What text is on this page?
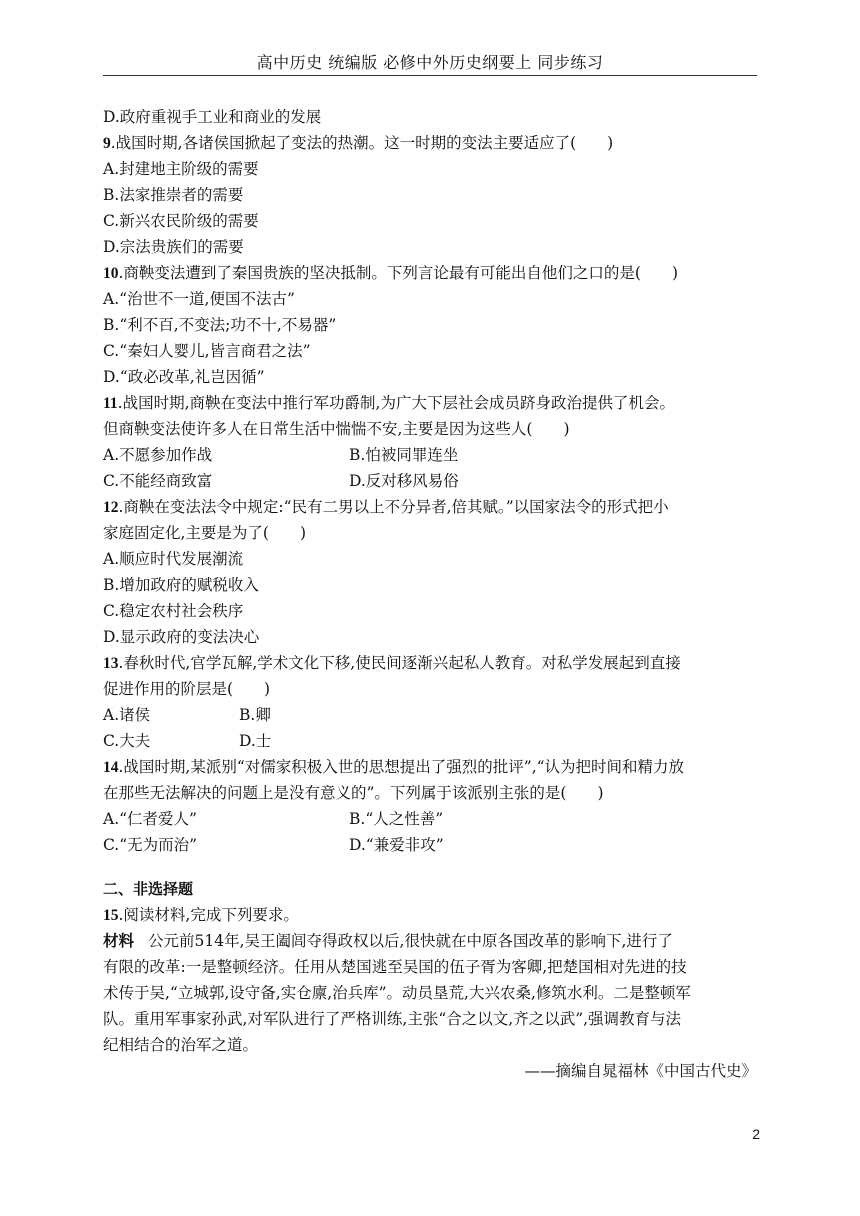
高中历史 统编版 必修中外历史纲要上 同步练习
D.政府重视手工业和商业的发展
9.战国时期,各诸侯国掀起了变法的热潮。这一时期的变法主要适应了(　　)
A.封建地主阶级的需要
B.法家推崇者的需要
C.新兴农民阶级的需要
D.宗法贵族们的需要
10.商鞅变法遭到了秦国贵族的坚决抵制。下列言论最有可能出自他们之口的是(　　)
A.“治世不一道,便国不法古”
B.“利不百,不变法;功不十,不易器”
C.“秦妇人婴儿,皆言商君之法”
D.“政必改革,礼岂因循”
11.战国时期,商鞅在变法中推行军功爵制,为广大下层社会成员跻身政治提供了机会。
但商鞅变法使许多人在日常生活中惴惴不安,主要是因为这些人(　　)
A.不愿参加作战	B.怕被同罪连坐
C.不能经商致富	D.反对移风易俗
12.商鞅在变法法令中规定:“民有二男以上不分异者,倍其赋。”以国家法令的形式把小
家庭固定化,主要是为了(　　)
A.顺应时代发展潮流
B.增加政府的赋税收入
C.稳定农村社会秩序
D.显示政府的变法决心
13.春秋时代,官学瓦解,学术文化下移,使民间逐渐兴起私人教育。对私学发展起到直接
促进作用的阶层是(　　)
A.诸侯	B.卿
C.大夫	D.士
14.战国时期,某派别“对儒家积极入世的思想提出了强烈的批评”,“认为把时间和精力放
在那些无法解决的问题上是没有意义的”。下列属于该派别主张的是(　　)
A.“仁者爱人”	B.“人之性善”
C.“无为而治”	D.“兼爱非攻”
二、非选择题
15.阅读材料,完成下列要求。
材料 公元前514年,吴王阖闾夺得政权以后,很快就在中原各国改革的影响下,进行了
有限的改革:一是整顿经济。任用从楚国逃至吴国的伍子胥为客卿,把楚国相对先进的技
术传于吴,“立城郭,设守备,实仓廪,治兵库”。动员垦荒,大兴农桑,修筑水利。二是整顿军
队。重用军事家孙武,对军队进行了严格训练,主张“合之以文,齐之以武”,强调教育与法
纪相结合的治军之道。
——摘编自晁福林《中国古代史》
2
